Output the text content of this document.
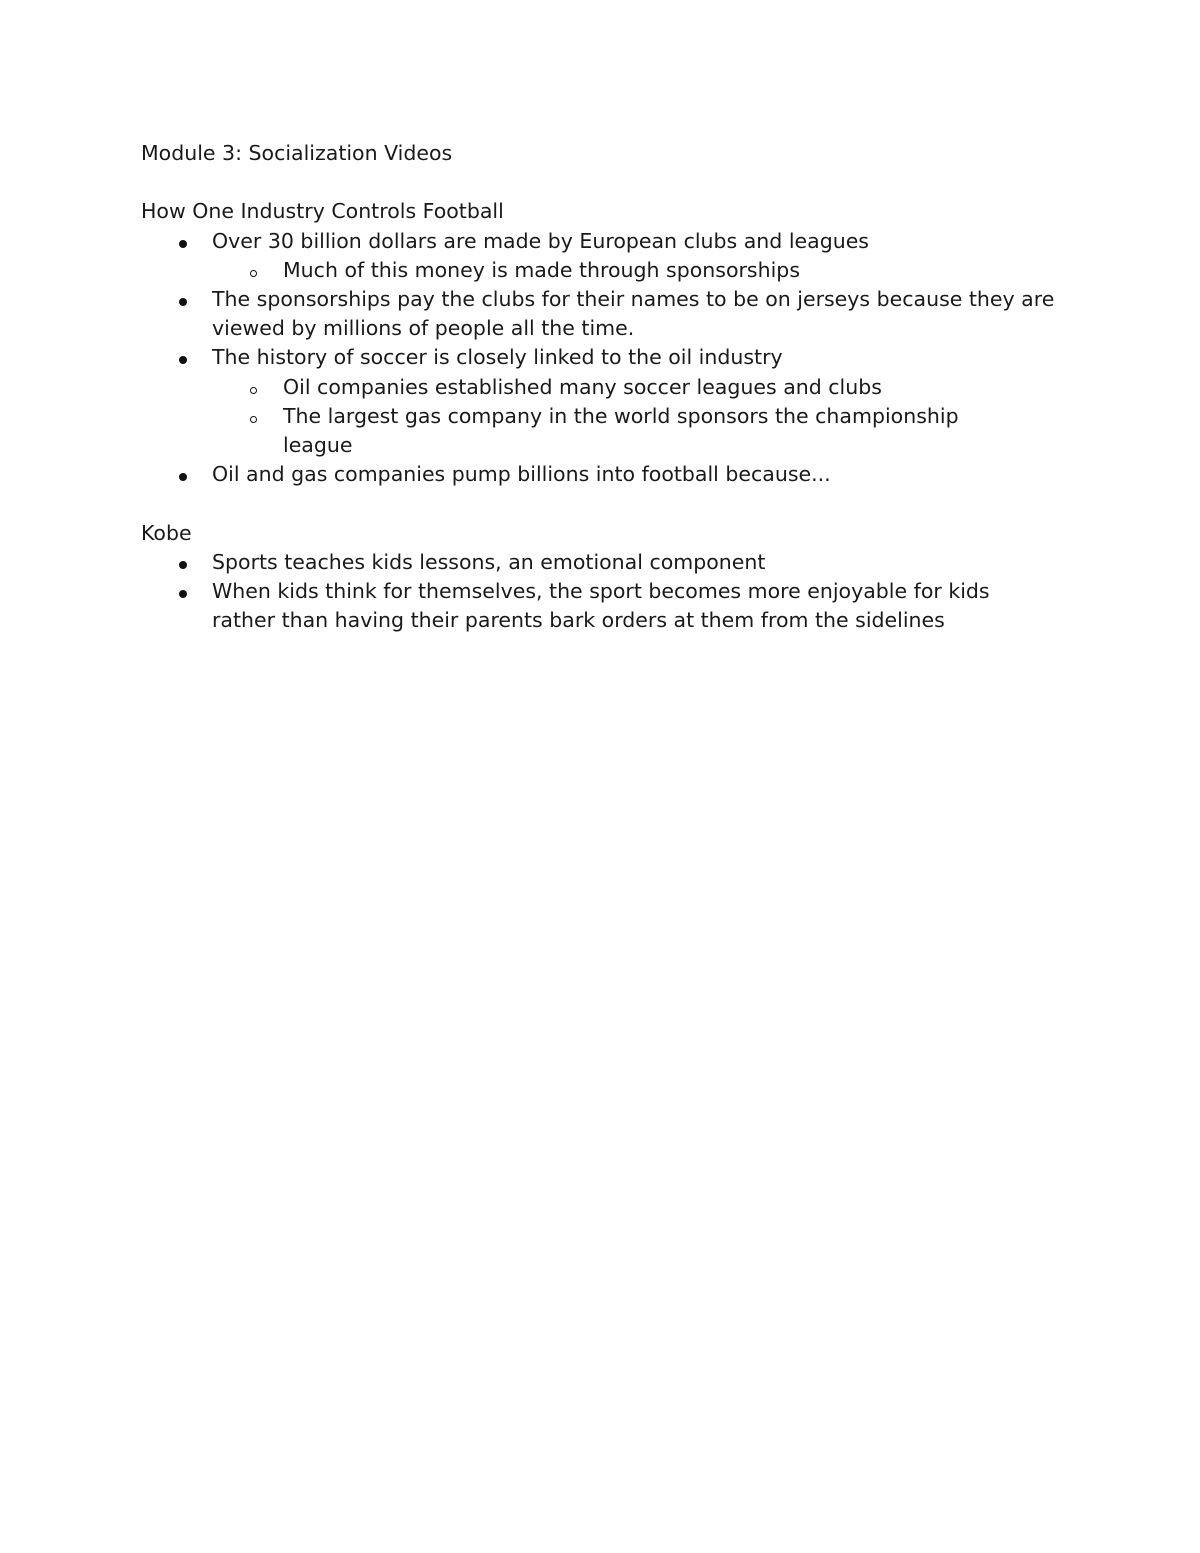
Module 3: Socialization Videos

How One Industry Controls Football

Over 30 billion dollars are made by European clubs and leagues
Much of this money is made through sponsorships
The sponsorships pay the clubs for their names to be on jerseys because they are viewed by millions of people all the time.
The history of soccer is closely linked to the oil industry
Oil companies established many soccer leagues and clubs
The largest gas company in the world sponsors the championship league
Oil and gas companies pump billions into football because...

Kobe

Sports teaches kids lessons, an emotional component
When kids think for themselves, the sport becomes more enjoyable for kids rather than having their parents bark orders at them from the sidelines
